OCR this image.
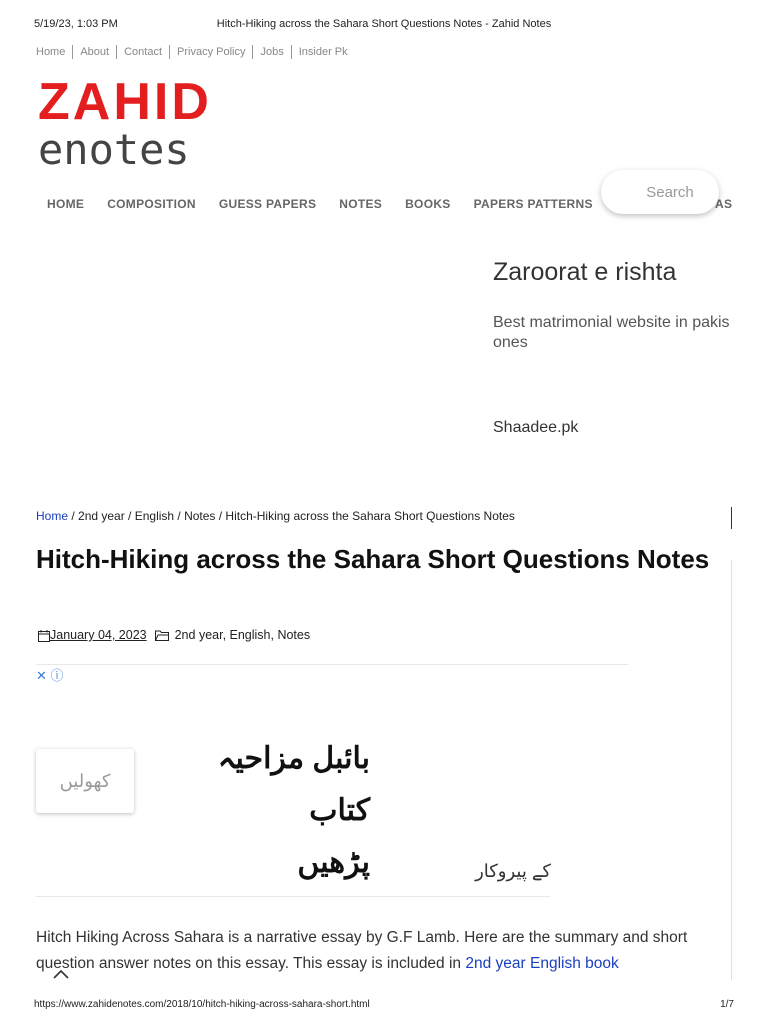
5/19/23, 1:03 PM	Hitch-Hiking across the Sahara Short Questions Notes - Zahid Notes
Home	About	Contact	Privacy Policy	Jobs	Insider Pk
ZAHID
enotes
HOME COMPOSITION GUESS PAPERS NOTES BOOKS PAPERS PATTERNS	AS
Search
Zaroorat e rishta
Best matrimonial website in pakis
ones
Shaadee.pk
Home / 2nd year / English / Notes / Hitch-Hiking across the Sahara Short Questions Notes
Hitch-Hiking across the Sahara Short Questions Notes
January 04, 2023 2nd year, English, Notes
✕ ⓘ
کھولیں
بائبل مزاحیہ کتاب
پڑھیں	کے پیروکار

Hitch Hiking Across Sahara is a narrative essay by G.F Lamb. Here are the summary and short question answer notes on this essay. This essay is included in 2nd year English book

https://www.zahidenotes.com/2018/10/hitch-hiking-across-sahara-short.html	1/7
